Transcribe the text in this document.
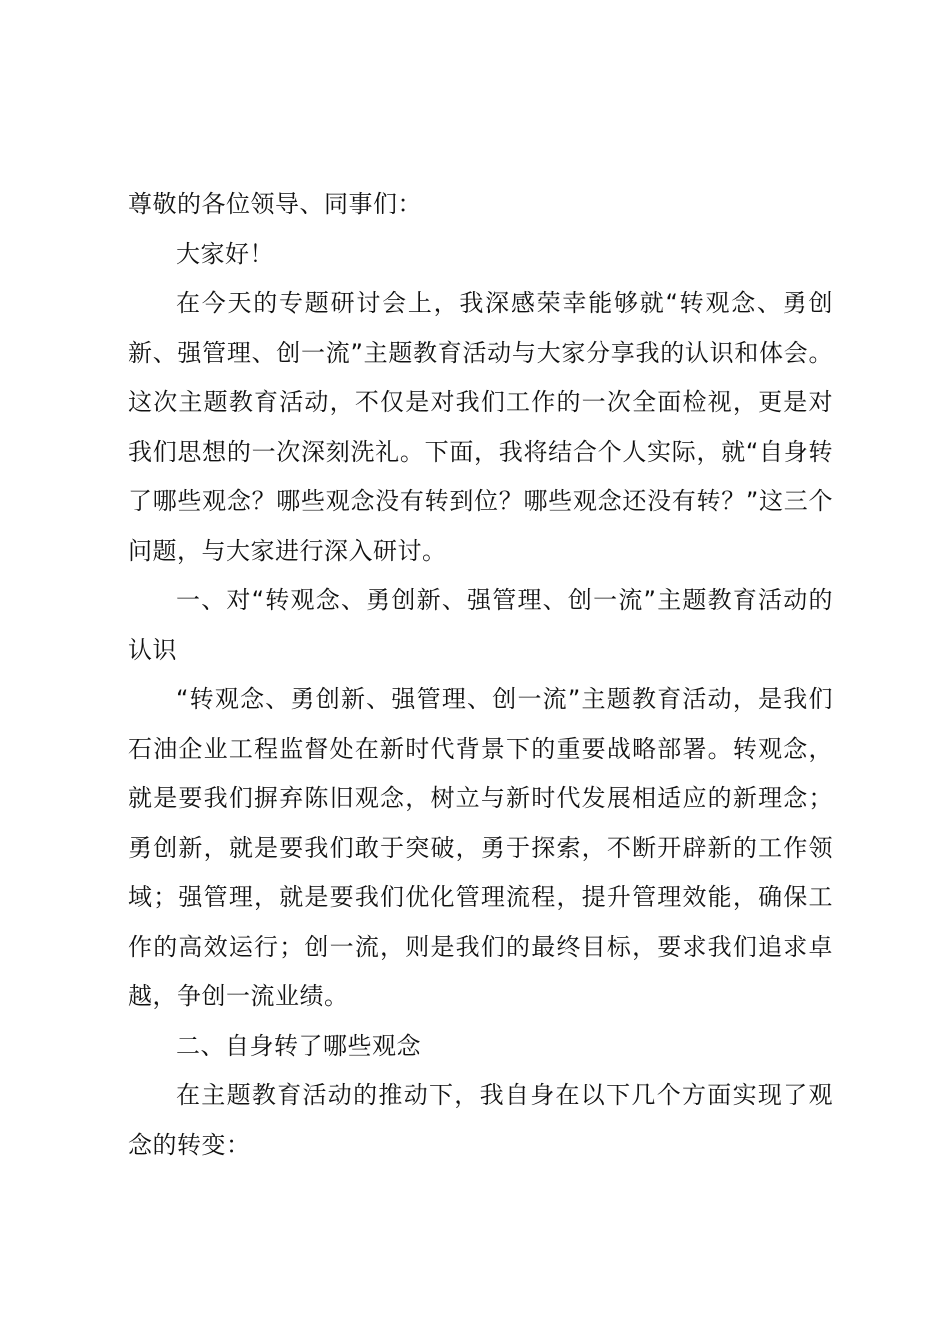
尊敬的各位领导、同事们：

大家好！

在今天的专题研讨会上，我深感荣幸能够就“转观念、勇创新、强管理、创一流”主题教育活动与大家分享我的认识和体会。这次主题教育活动，不仅是对我们工作的一次全面检视，更是对我们思想的一次深刻洗礼。下面，我将结合个人实际，就“自身转了哪些观念？哪些观念没有转到位？哪些观念还没有转？”这三个问题，与大家进行深入研讨。

一、对“转观念、勇创新、强管理、创一流”主题教育活动的认识

“转观念、勇创新、强管理、创一流”主题教育活动，是我们石油企业工程监督处在新时代背景下的重要战略部署。转观念，就是要我们摒弃陈旧观念，树立与新时代发展相适应的新理念；勇创新，就是要我们敢于突破，勇于探索，不断开辟新的工作领域；强管理，就是要我们优化管理流程，提升管理效能，确保工作的高效运行；创一流，则是我们的最终目标，要求我们追求卓越，争创一流业绩。

二、自身转了哪些观念

在主题教育活动的推动下，我自身在以下几个方面实现了观念的转变：
